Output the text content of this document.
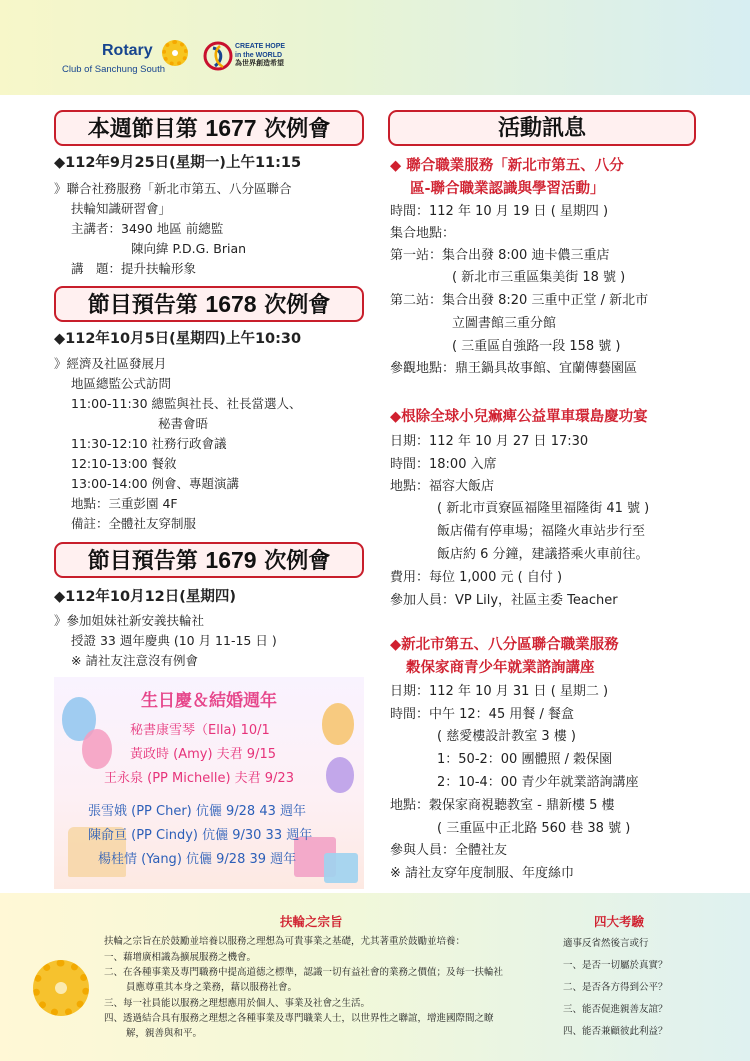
Rotary
Club of Sanchung South
CREATE HOPE
in the WORLD
為世界創造希望
本週節目第 1677 次例會
◆112年9月25日(星期一)上午11:15
》聯合社務服務「新北市第五、八分區聯合
扶輪知識研習會」
主講者：3490 地區 前總監
陳向緯 P.D.G. Brian
講　題：提升扶輪形象
節目預告第 1678 次例會
◆112年10月5日(星期四)上午10:30
》經濟及社區發展月
地區總監公式訪問
11:00-11:30 總監與社長、社長當選人、
秘書會晤
11:30-12:10 社務行政會議
12:10-13:00 餐敘
13:00-14:00 例會、專題演講
地點：三重彭園 4F
備註：全體社友穿制服
節目預告第 1679 次例會
◆112年10月12日(星期四)
》參加姐妹社新安義扶輪社
授證 33 週年慶典 (10 月 11-15 日 )
※ 請社友注意沒有例會
生日慶＆結婚週年
秘書康雪琴（Ella) 10/1
黃政時 (Amy) 夫君 9/15
王永泉 (PP Michelle) 夫君 9/23
張雪娥 (PP Cher) 伉儷 9/28 43 週年
陳俞亘 (PP Cindy) 伉儷 9/30 33 週年
楊桂情 (Yang) 伉儷 9/28 39 週年
活動訊息
◆ 聯合職業服務「新北市第五、八分
區-聯合職業認識與學習活動」
時間：112 年 10 月 19 日 ( 星期四 )
集合地點：
第一站：集合出發 8:00 迪卡儂三重店
( 新北市三重區集美街 18 號 )
第二站：集合出發 8:20 三重中正堂 / 新北市
立圖書館三重分館
( 三重區自強路一段 158 號 )
參觀地點：鼎王鍋具故事館、宜蘭傳藝園區
◆根除全球小兒痲痺公益單車環島慶功宴
日期：112 年 10 月 27 日 17:30
時間：18:00 入席
地點：福容大飯店
( 新北市貢寮區福隆里福隆街 41 號 )
飯店備有停車場；福隆火車站步行至
飯店約 6 分鐘，建議搭乘火車前往。
費用：每位 1,000 元 ( 自付 )
參加人員：VP Lily，社區主委 Teacher
◆新北市第五、八分區聯合職業服務
穀保家商青少年就業諮詢講座
日期：112 年 10 月 31 日 ( 星期二 )
時間：中午 12：45 用餐 / 餐盒
( 慈愛樓設計教室 3 樓 )
1：50-2：00 團體照 / 穀保園
2：10-4：00 青少年就業諮詢講座
地點：穀保家商視聽教室 - 鼎新樓 5 樓
( 三重區中正北路 560 巷 38 號 )
參與人員：全體社友
※ 請社友穿年度制服、年度絲巾
扶輪之宗旨
扶輪之宗旨在於鼓勵並培養以服務之理想為可貴事業之基礎，尤其著重於鼓勵並培養：
一、藉增廣相識為擴展服務之機會。
二、在各種事業及專門職務中提高道德之標準，認識一切有益社會的業務之價值；及每一扶輪社
員應尊重其本身之業務，藉以服務社會。
三、每一社員能以服務之理想應用於個人、事業及社會之生活。
四、透過結合具有服務之理想之各種事業及專門職業人士，以世界性之聯誼，增進國際間之瞭
解，親善與和平。
四大考驗
適事反省然後言或行
一、是否一切屬於真實？
二、是否各方得到公平？
三、能否促進親善友誼？
四、能否兼顧彼此利益？
